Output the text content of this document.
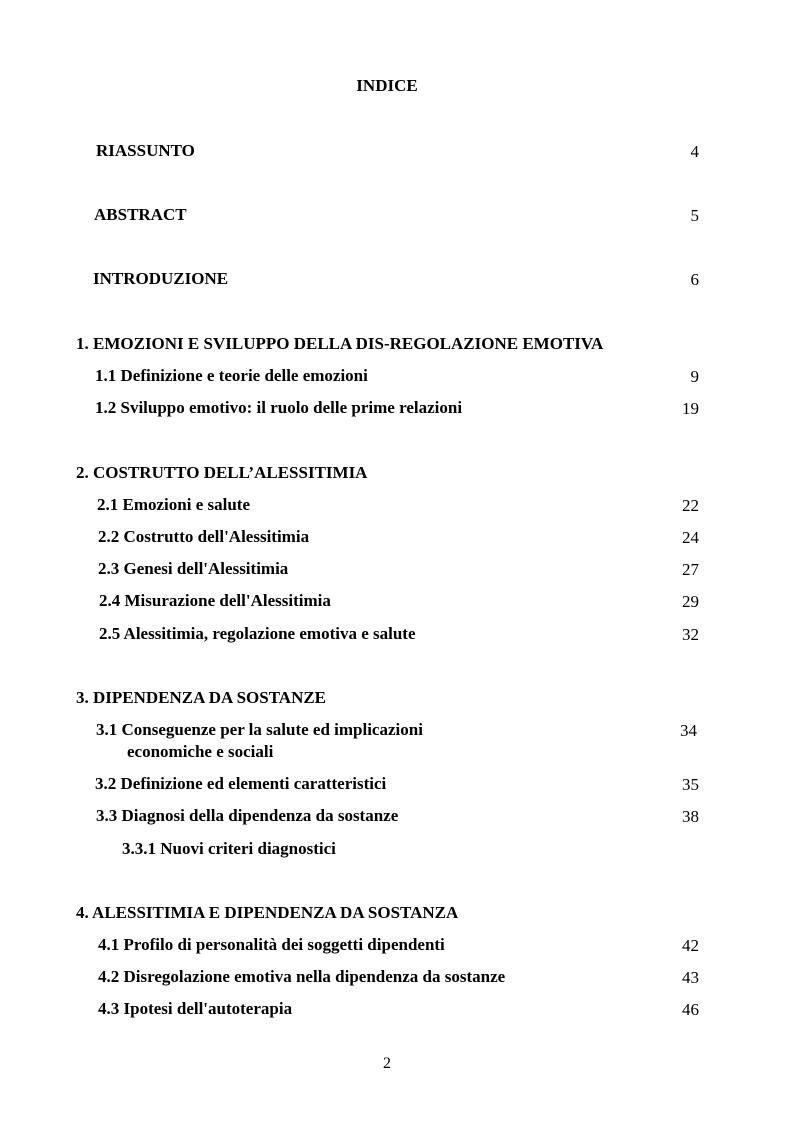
INDICE
RIASSUNTO	4
ABSTRACT	5
INTRODUZIONE	6
1. EMOZIONI E SVILUPPO DELLA DIS-REGOLAZIONE EMOTIVA
1.1 Definizione e teorie delle emozioni	9
1.2 Sviluppo emotivo: il ruolo delle prime relazioni	19
2. COSTRUTTO DELL’ALESSITIMIA
2.1 Emozioni e salute	22
2.2 Costrutto dell'Alessitimia	24
2.3 Genesi dell'Alessitimia	27
2.4 Misurazione dell'Alessitimia	29
2.5 Alessitimia, regolazione emotiva e salute	32
3. DIPENDENZA DA SOSTANZE
3.1 Conseguenze per la salute ed implicazioni	34
economiche e sociali
3.2 Definizione ed elementi caratteristici	35
3.3 Diagnosi della dipendenza da sostanze	38
3.3.1 Nuovi criteri diagnostici
4. ALESSITIMIA E DIPENDENZA DA SOSTANZA
4.1 Profilo di personalità dei soggetti dipendenti	42
4.2 Disregolazione emotiva nella dipendenza da sostanze	43
4.3 Ipotesi dell'autoterapia	46
2
